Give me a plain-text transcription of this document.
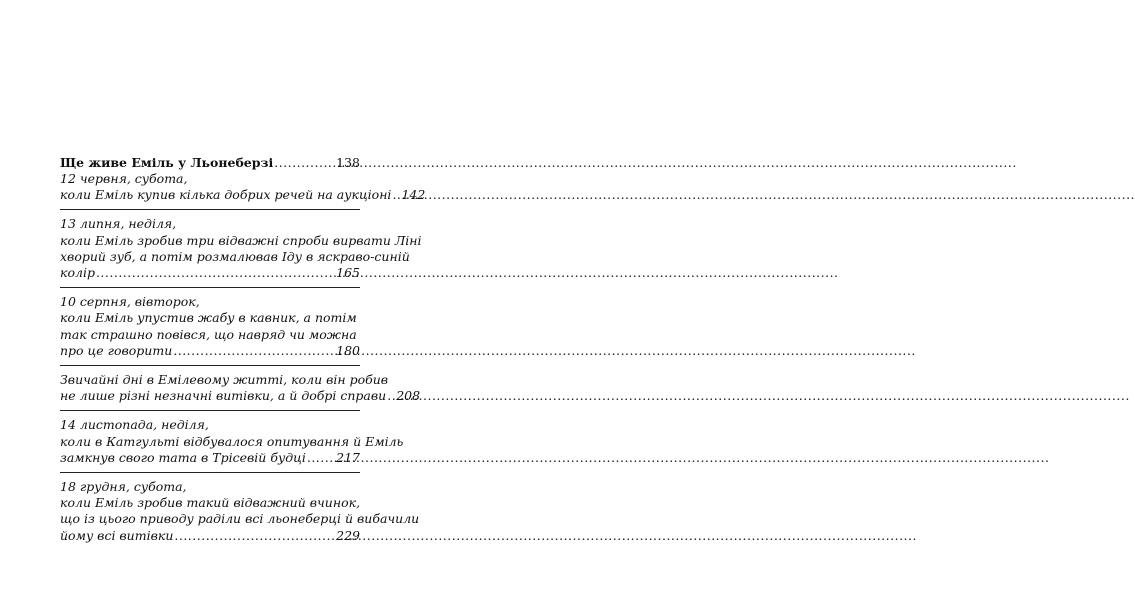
Ще живе Еміль у Льонеберзі .....	138
12 червня, субота,
коли Еміль купив кілька добрих речей на аукціоні ..... 142
13 липня, неділя,
коли Еміль зробив три відважні спроби вирвати Ліні
хворий зуб, а потім розмалював Іду в яскраво-синій
колір .....	165
10 серпня, вівторок,
коли Еміль упустив жабу в кавник, а потім
так страшно повівся, що навряд чи можна
про це говорити .....	180
Звичайні дні в Емілевому житті, коли він робив
не лише різні незначні витівки, а й добрі справи ..... 208
14 листопада, неділя,
коли в Катгульті відбувалося опитування й Еміль
замкнув свого тата в Трісевій будці ..... 217
18 грудня, субота,
коли Еміль зробив такий відважний вчинок,
що із цього приводу раділи всі льонеберці й вибачили
йому всі витівки .....	229
